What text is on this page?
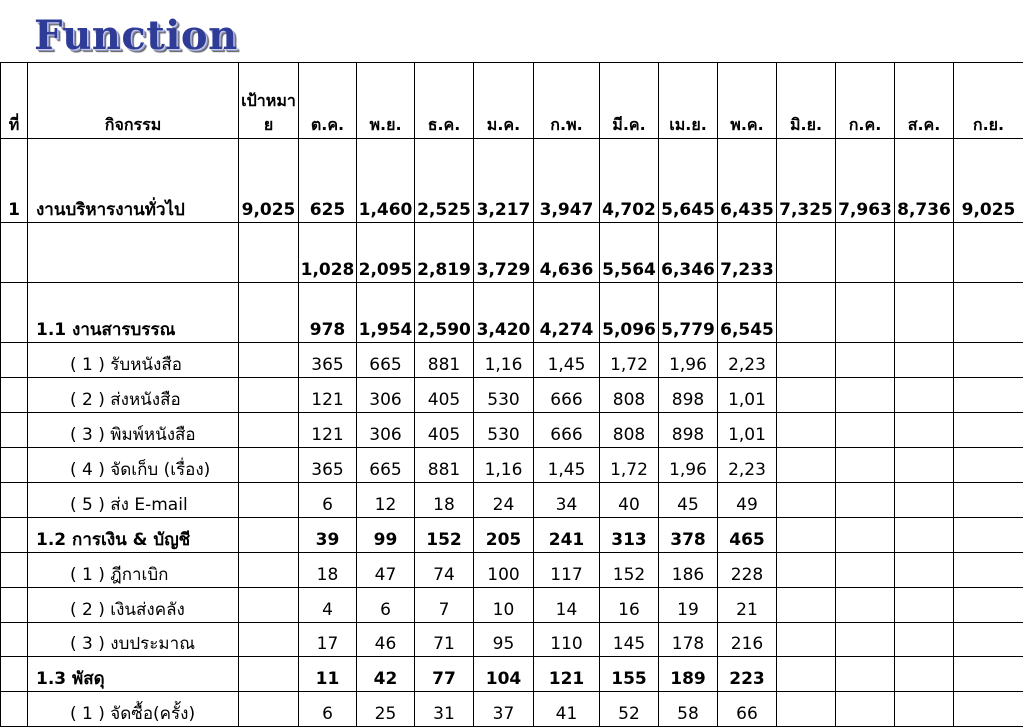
Function
ที่	กิจกรรม	เป้าหมาย	ต.ค.	พ.ย.	ธ.ค.	ม.ค.	ก.พ.	มี.ค.	เม.ย.	พ.ค.	มิ.ย.	ก.ค.	ส.ค.	ก.ย.
1	งานบริหารงานทั่วไป	9,025	625	1,460	2,525	3,217	3,947	4,702	5,645	6,435	7,325	7,963	8,736	9,025
			1,028	2,095	2,819	3,729	4,636	5,564	6,346	7,233				
	1.1 งานสารบรรณ		978	1,954	2,590	3,420	4,274	5,096	5,779	6,545				
	( 1 ) รับหนังสือ		365	665	881	1,16	1,45	1,72	1,96	2,23				
	( 2 ) ส่งหนังสือ		121	306	405	530	666	808	898	1,01				
	( 3 ) พิมพ์หนังสือ		121	306	405	530	666	808	898	1,01				
	( 4 ) จัดเก็บ (เรื่อง)		365	665	881	1,16	1,45	1,72	1,96	2,23				
	( 5 ) ส่ง E-mail		6	12	18	24	34	40	45	49				
	1.2 การเงิน & บัญชี		39	99	152	205	241	313	378	465				
	( 1 ) ฎีกาเบิก		18	47	74	100	117	152	186	228				
	( 2 ) เงินส่งคลัง		4	6	7	10	14	16	19	21				
	( 3 ) งบประมาณ		17	46	71	95	110	145	178	216				
	1.3 พัสดุ		11	42	77	104	121	155	189	223				
	( 1 ) จัดซื้อ(ครั้ง)		6	25	31	37	41	52	58	66				
